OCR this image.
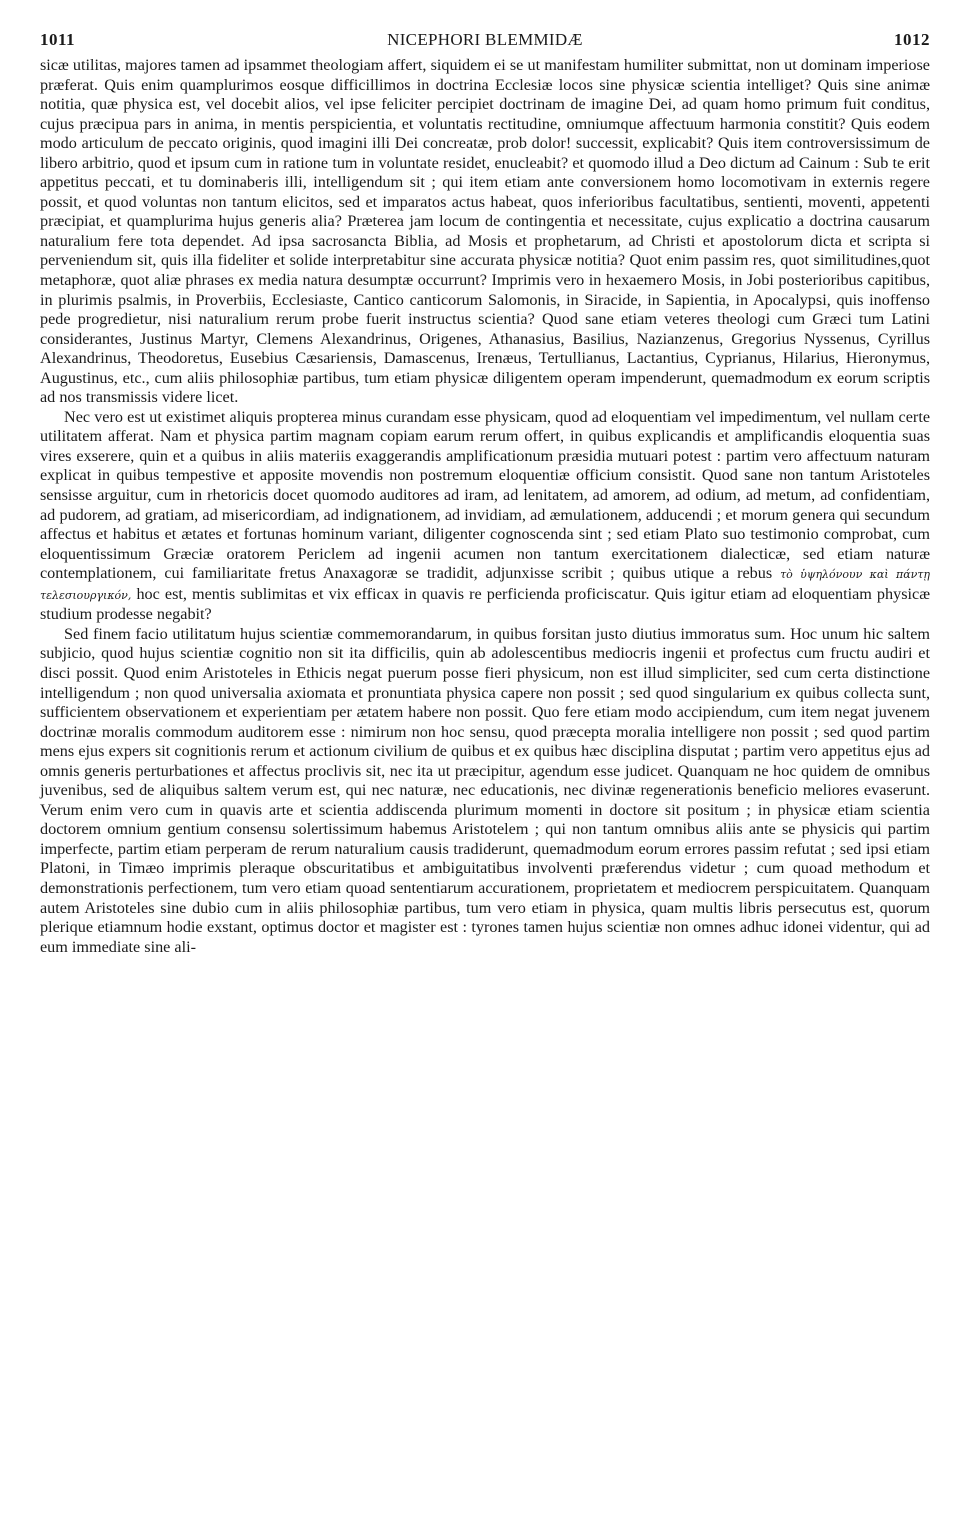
1011	NICEPHORI BLEMMIDÆ	1012

sicæ utilitas, majores tamen ad ipsammet theologiam affert, siquidem ei se ut manifestam humiliter submittat, non ut dominam imperiose præferat. Quis enim quamplurimos eosque difficillimos in doctrina Ecclesiæ locos sine physicæ scientia intelliget? Quis sine animæ notitia, quæ physica est, vel docebit alios, vel ipse feliciter percipiet doctrinam de imagine Dei, ad quam homo primum fuit conditus, cujus præcipua pars in anima, in mentis perspicientia, et voluntatis rectitudine, omniumque affectuum harmonia constitit? Quis eodem modo articulum de peccato originis, quod imagini illi Dei concreatæ, prob dolor! successit, explicabit? Quis item controversissimum de libero arbitrio, quod et ipsum cum in ratione tum in voluntate residet, enucleabit? et quomodo illud a Deo dictum ad Cainum : Sub te erit appetitus peccati, et tu dominaberis illi, intelligendum sit ; qui item etiam ante conversionem homo locomotivam in externis regere possit, et quod voluntas non tantum elicitos, sed et imparatos actus habeat, quos inferioribus facultatibus, sentienti, moventi, appetenti præcipiat, et quamplurima hujus generis alia? Præterea jam locum de contingentia et necessitate, cujus explicatio a doctrina causarum naturalium fere tota dependet. Ad ipsa sacrosancta Biblia, ad Mosis et prophetarum, ad Christi et apostolorum dicta et scripta si perveniendum sit, quis illa fideliter et solide interpretabitur sine accurata physicæ notitia? Quot enim passim res, quot similitudines,quot metaphoræ, quot aliæ phrases ex media natura desumptæ occurrunt? Imprimis vero in hexaemero Mosis, in Jobi posterioribus capitibus, in plurimis psalmis, in Proverbiis, Ecclesiaste, Cantico canticorum Salomonis, in Siracide, in Sapientia, in Apocalypsi, quis inoffenso pede progredietur, nisi naturalium rerum probe fuerit instructus scientia? Quod sane etiam veteres theologi cum Græci tum Latini considerantes, Justinus Martyr, Clemens Alexandrinus, Origenes, Athanasius, Basilius, Nazianzenus, Gregorius Nyssenus, Cyrillus Alexandrinus, Theodoretus, Eusebius Cæsariensis, Damascenus, Irenæus, Tertullianus, Lactantius, Cyprianus, Hilarius, Hieronymus, Augustinus, etc., cum aliis philosophiæ partibus, tum etiam physicæ diligentem operam impenderunt, quemadmodum ex eorum scriptis ad nos transmissis videre licet.

Nec vero est ut existimet aliquis propterea minus curandam esse physicam, quod ad eloquentiam vel impedimentum, vel nullam certe utilitatem afferat. Nam et physica partim magnam copiam earum rerum offert, in quibus explicandis et amplificandis eloquentia suas vires exserere, quin et a quibus in aliis materiis exaggerandis amplificationum præsidia mutuari potest : partim vero affectuum naturam explicat in quibus tempestive et apposite movendis non postremum eloquentiæ officium consistit. Quod sane non tantum Aristoteles sensisse arguitur, cum in rhetoricis docet quomodo auditores ad iram, ad lenitatem, ad amorem, ad odium, ad metum, ad confidentiam, ad pudorem, ad gratiam, ad misericordiam, ad indignationem, ad invidiam, ad æmulationem, adducendi ; et morum genera qui secundum affectus et habitus et ætates et fortunas hominum variant, diligenter cognoscenda sint ; sed etiam Plato suo testimonio comprobat, cum eloquentissimum Græciæ oratorem Periclem ad ingenii acumen non tantum exercitationem dialecticæ, sed etiam naturæ contemplationem, cui familiaritate fretus Anaxagoræ se tradidit, adjunxisse scribit ; quibus utique a rebus τὸ ὑψηλόνουν καὶ πάντῃ τελεσιουργικόν, hoc est, mentis sublimitas et vix efficax in quavis re perficienda proficiscatur. Quis igitur etiam ad eloquentiam physicæ studium prodesse negabit?

Sed finem facio utilitatum hujus scientiæ commemorandarum, in quibus forsitan justo diutius immoratus sum. Hoc unum hic saltem subjicio, quod hujus scientiæ cognitio non sit ita difficilis, quin ab adolescentibus mediocris ingenii et profectus cum fructu audiri et disci possit. Quod enim Aristoteles in Ethicis negat puerum posse fieri physicum, non est illud simpliciter, sed cum certa distinctione intelligendum ; non quod universalia axiomata et pronuntiata physica capere non possit ; sed quod singularium ex quibus collecta sunt, sufficientem observationem et experientiam per ætatem habere non possit. Quo fere etiam modo accipiendum, cum item negat juvenem doctrinæ moralis commodum auditorem esse : nimirum non hoc sensu, quod præcepta moralia intelligere non possit ; sed quod partim mens ejus expers sit cognitionis rerum et actionum civilium de quibus et ex quibus hæc disciplina disputat ; partim vero appetitus ejus ad omnis generis perturbationes et affectus proclivis sit, nec ita ut præcipitur, agendum esse judicet. Quanquam ne hoc quidem de omnibus juvenibus, sed de aliquibus saltem verum est, qui nec naturæ, nec educationis, nec divinæ regenerationis beneficio meliores evaserunt. Verum enim vero cum in quavis arte et scientia addiscenda plurimum momenti in doctore sit positum ; in physicæ etiam scientia doctorem omnium gentium consensu solertissimum habemus Aristotelem ; qui non tantum omnibus aliis ante se physicis qui partim imperfecte, partim etiam perperam de rerum naturalium causis tradiderunt, quemadmodum eorum errores passim refutat ; sed ipsi etiam Platoni, in Timæo imprimis pleraque obscuritatibus et ambiguitatibus involventi præferendus videtur ; cum quoad methodum et demonstrationis perfectionem, tum vero etiam quoad sententiarum accurationem, proprietatem et mediocrem perspicuitatem. Quanquam autem Aristoteles sine dubio cum in aliis philosophiæ partibus, tum vero etiam in physica, quam multis libris persecutus est, quorum plerique etiamnum hodie exstant, optimus doctor et magister est : tyrones tamen hujus scientiæ non omnes adhuc idonei videntur, qui ad eum immediate sine ali-
